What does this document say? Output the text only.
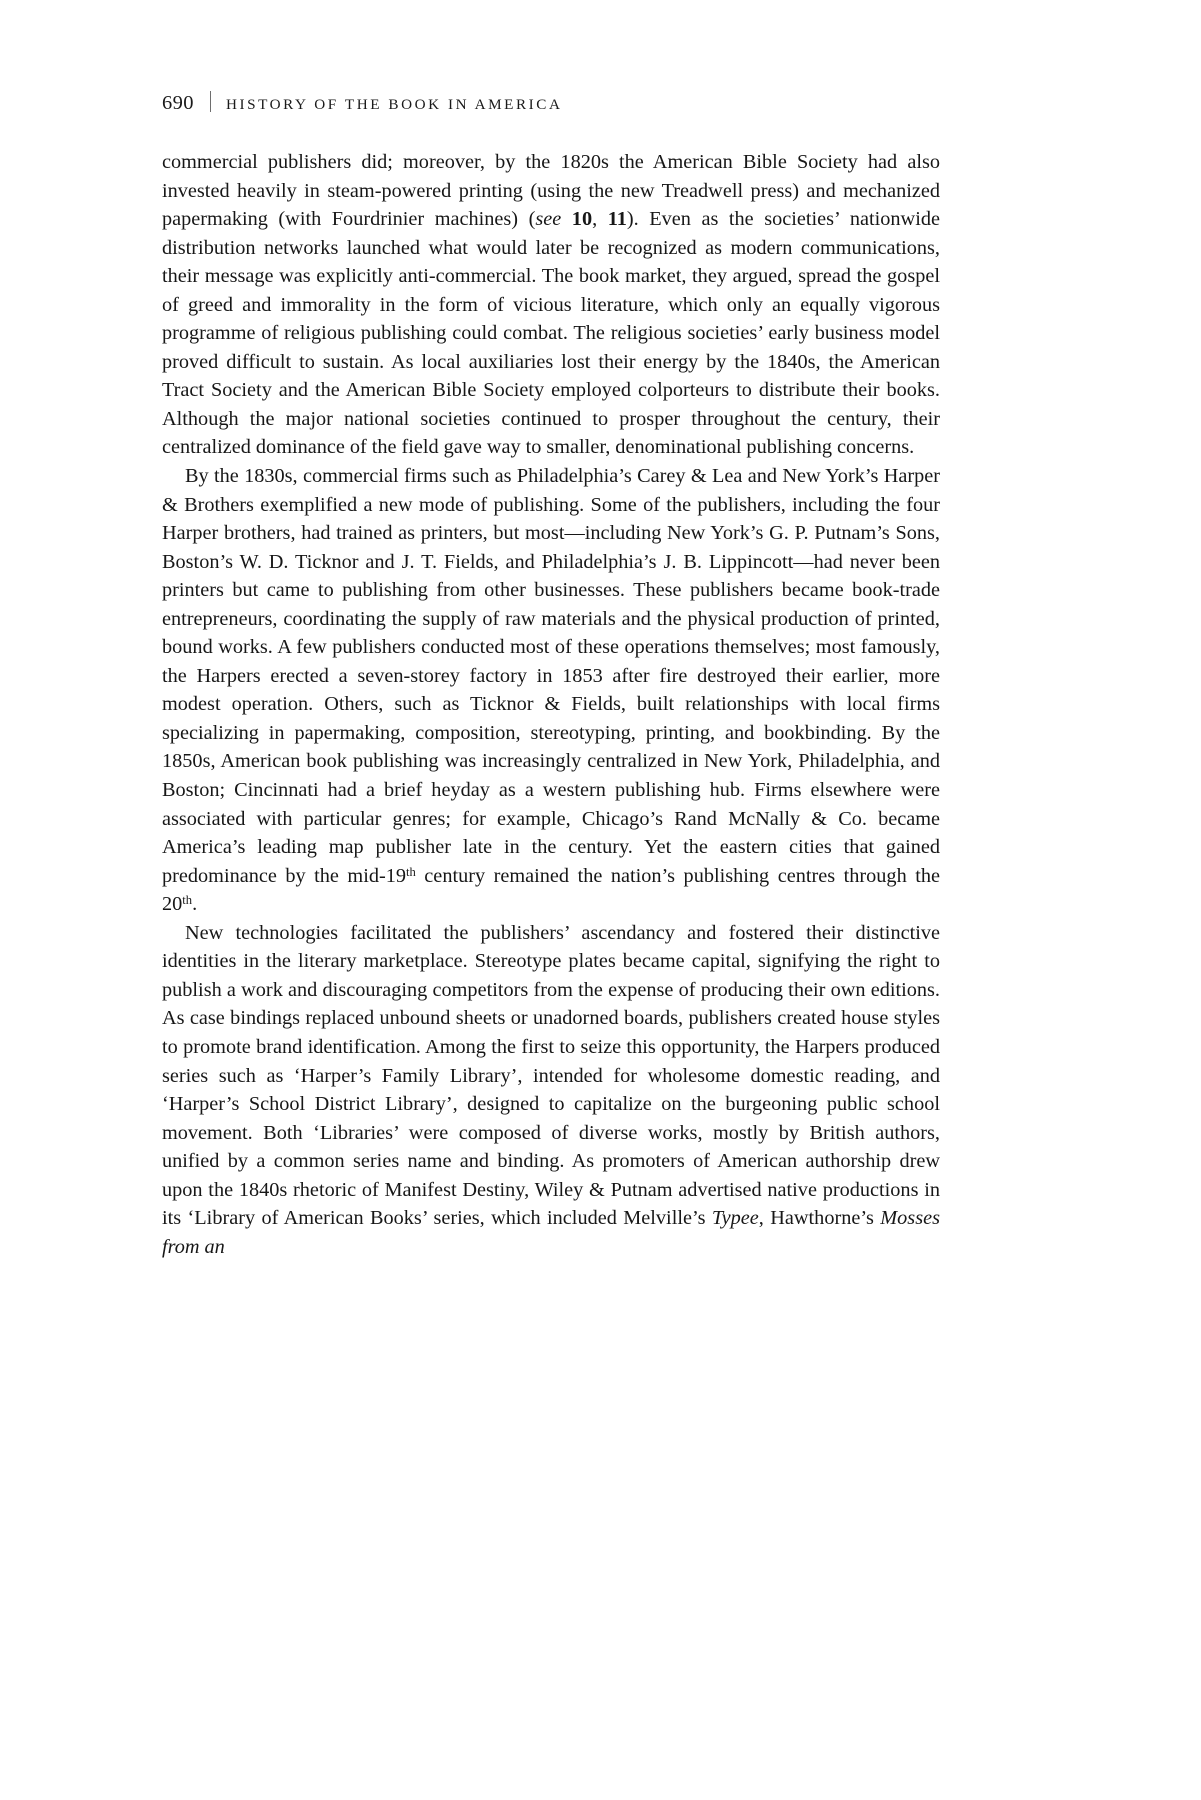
690 HISTORY OF THE BOOK IN AMERICA

commercial publishers did; moreover, by the 1820s the American Bible Society had also invested heavily in steam-powered printing (using the new Treadwell press) and mechanized papermaking (with Fourdrinier machines) (see 10, 11). Even as the societies’ nationwide distribution networks launched what would later be recognized as modern communications, their message was explicitly anti-commercial. The book market, they argued, spread the gospel of greed and immorality in the form of vicious literature, which only an equally vigorous programme of religious publishing could combat. The religious societies’ early business model proved difficult to sustain. As local auxiliaries lost their energy by the 1840s, the American Tract Society and the American Bible Society employed colporteurs to distribute their books. Although the major national societies continued to prosper throughout the century, their centralized dominance of the field gave way to smaller, denominational publishing concerns.

By the 1830s, commercial firms such as Philadelphia’s Carey & Lea and New York’s Harper & Brothers exemplified a new mode of publishing. Some of the publishers, including the four Harper brothers, had trained as printers, but most—including New York’s G. P. Putnam’s Sons, Boston’s W. D. Ticknor and J. T. Fields, and Philadelphia’s J. B. Lippincott—had never been printers but came to publishing from other businesses. These publishers became book-trade entrepreneurs, coordinating the supply of raw materials and the physical production of printed, bound works. A few publishers conducted most of these operations themselves; most famously, the Harpers erected a seven-storey factory in 1853 after fire destroyed their earlier, more modest operation. Others, such as Ticknor & Fields, built relationships with local firms specializing in papermaking, composition, stereotyping, printing, and bookbinding. By the 1850s, American book publishing was increasingly centralized in New York, Philadelphia, and Boston; Cincinnati had a brief heyday as a western publishing hub. Firms elsewhere were associated with particular genres; for example, Chicago’s Rand McNally & Co. became America’s leading map publisher late in the century. Yet the eastern cities that gained predominance by the mid-19th century remained the nation’s publishing centres through the 20th.

New technologies facilitated the publishers’ ascendancy and fostered their distinctive identities in the literary marketplace. Stereotype plates became capital, signifying the right to publish a work and discouraging competitors from the expense of producing their own editions. As case bindings replaced unbound sheets or unadorned boards, publishers created house styles to promote brand identification. Among the first to seize this opportunity, the Harpers produced series such as ‘Harper’s Family Library’, intended for wholesome domestic reading, and ‘Harper’s School District Library’, designed to capitalize on the burgeoning public school movement. Both ‘Libraries’ were composed of diverse works, mostly by British authors, unified by a common series name and binding. As promoters of American authorship drew upon the 1840s rhetoric of Manifest Destiny, Wiley & Putnam advertised native productions in its ‘Library of American Books’ series, which included Melville’s Typee, Hawthorne’s Mosses from an
